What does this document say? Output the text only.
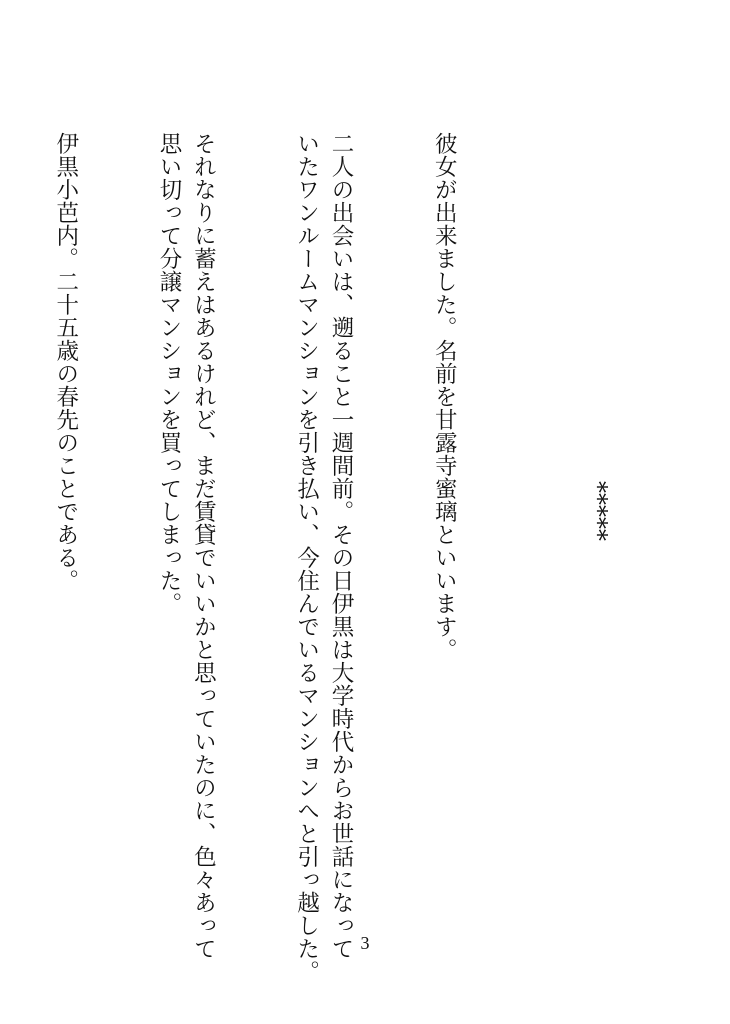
*****

彼女が出来ました。名前を甘露寺蜜璃といいます。

二人の出会いは、遡ること一週間前。その日伊黒は大学時代からお世話になって
いたワンルームマンションを引き払い、今住んでいるマンションへと引っ越した。

それなりに蓄えはあるけれど、まだ賃貸でいいかと思っていたのに、色々あって
思い切って分譲マンションを買ってしまった。

伊黒小芭内。二十五歳の春先のことである。

3
